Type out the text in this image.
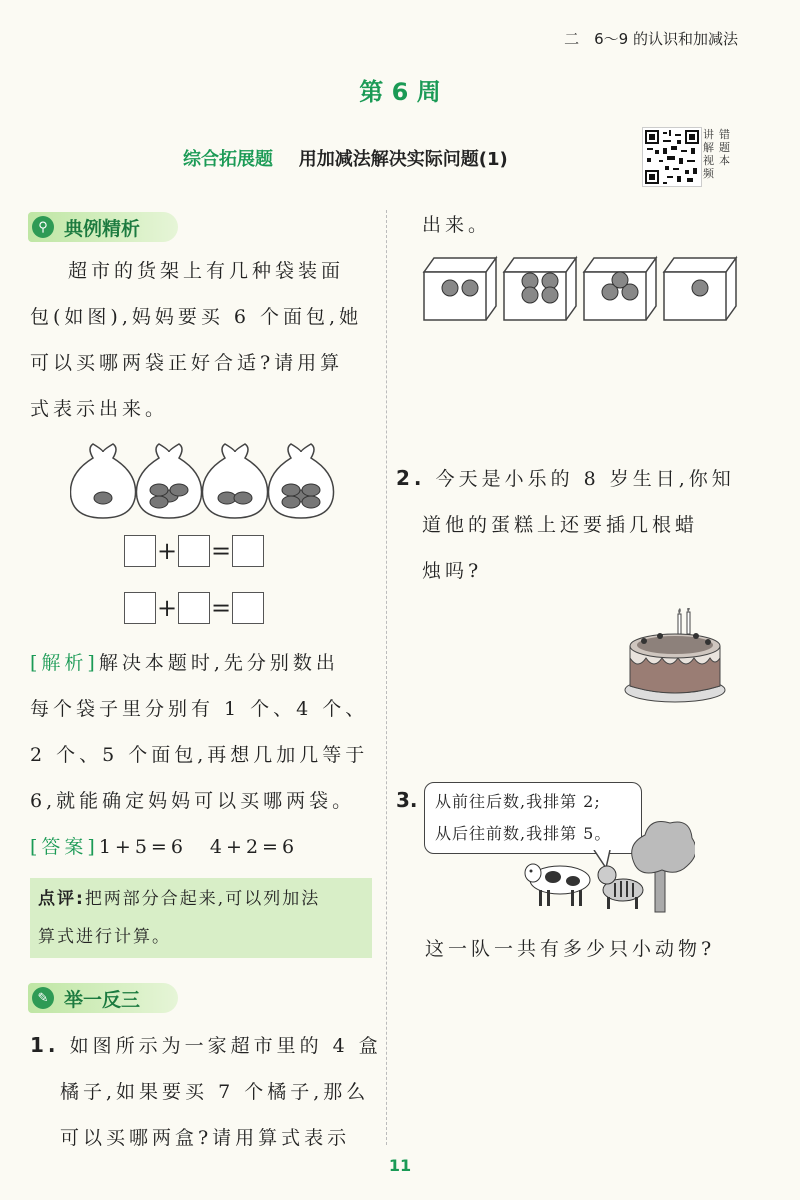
二　6～9 的认识和加减法
第 6 周
综合拓展题 用加减法解决实际问题(1)
讲解视频
错题本
⚲ 典例精析
超市的货架上有几种袋装面
包(如图),妈妈要买 6 个面包,她
可以买哪两袋正好合适?请用算
式表示出来。
+ =
+ =
[解析]解决本题时,先分别数出
每个袋子里分别有 1 个、4 个、
2 个、5 个面包,再想几加几等于
6,就能确定妈妈可以买哪两袋。
[答案]1+5=6　4+2=6
点评:把两部分合起来,可以列加法
算式进行计算。
✎ 举一反三
1. 如图所示为一家超市里的 4 盒
橘子,如果要买 7 个橘子,那么
可以买哪两盒?请用算式表示
出来。
2. 今天是小乐的 8 岁生日,你知
道他的蛋糕上还要插几根蜡
烛吗?
3. 从前往后数,我排第 2;
从后往前数,我排第 5。
这一队一共有多少只小动物?
11
